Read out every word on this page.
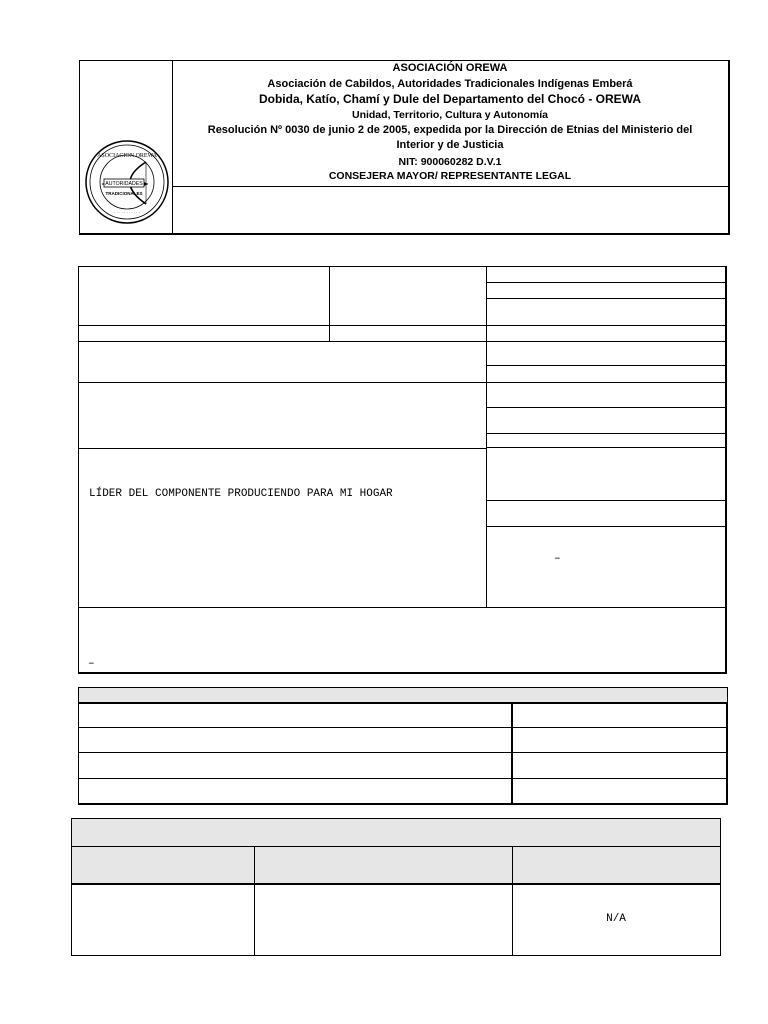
ASOCIACION OREWA
AUTORIDADES
TRADICIONALES
· · · · · · · · · · ·
ASOCIACIÓN OREWA
Asociación de Cabildos, Autoridades Tradicionales Indígenas Emberá
Dobida, Katío, Chamí y Dule del Departamento del Chocó - OREWA
Unidad, Territorio, Cultura y Autonomía
Resolución Nº 0030 de junio 2 de 2005, expedida por la Dirección de Etnias del Ministerio del
Interior y de Justicia
NIT: 900060282 D.V.1
CONSEJERA MAYOR/ REPRESENTANTE LEGAL
LÍDER DEL COMPONENTE PRODUCIENDO PARA MI HOGAR
–
–
N/A
